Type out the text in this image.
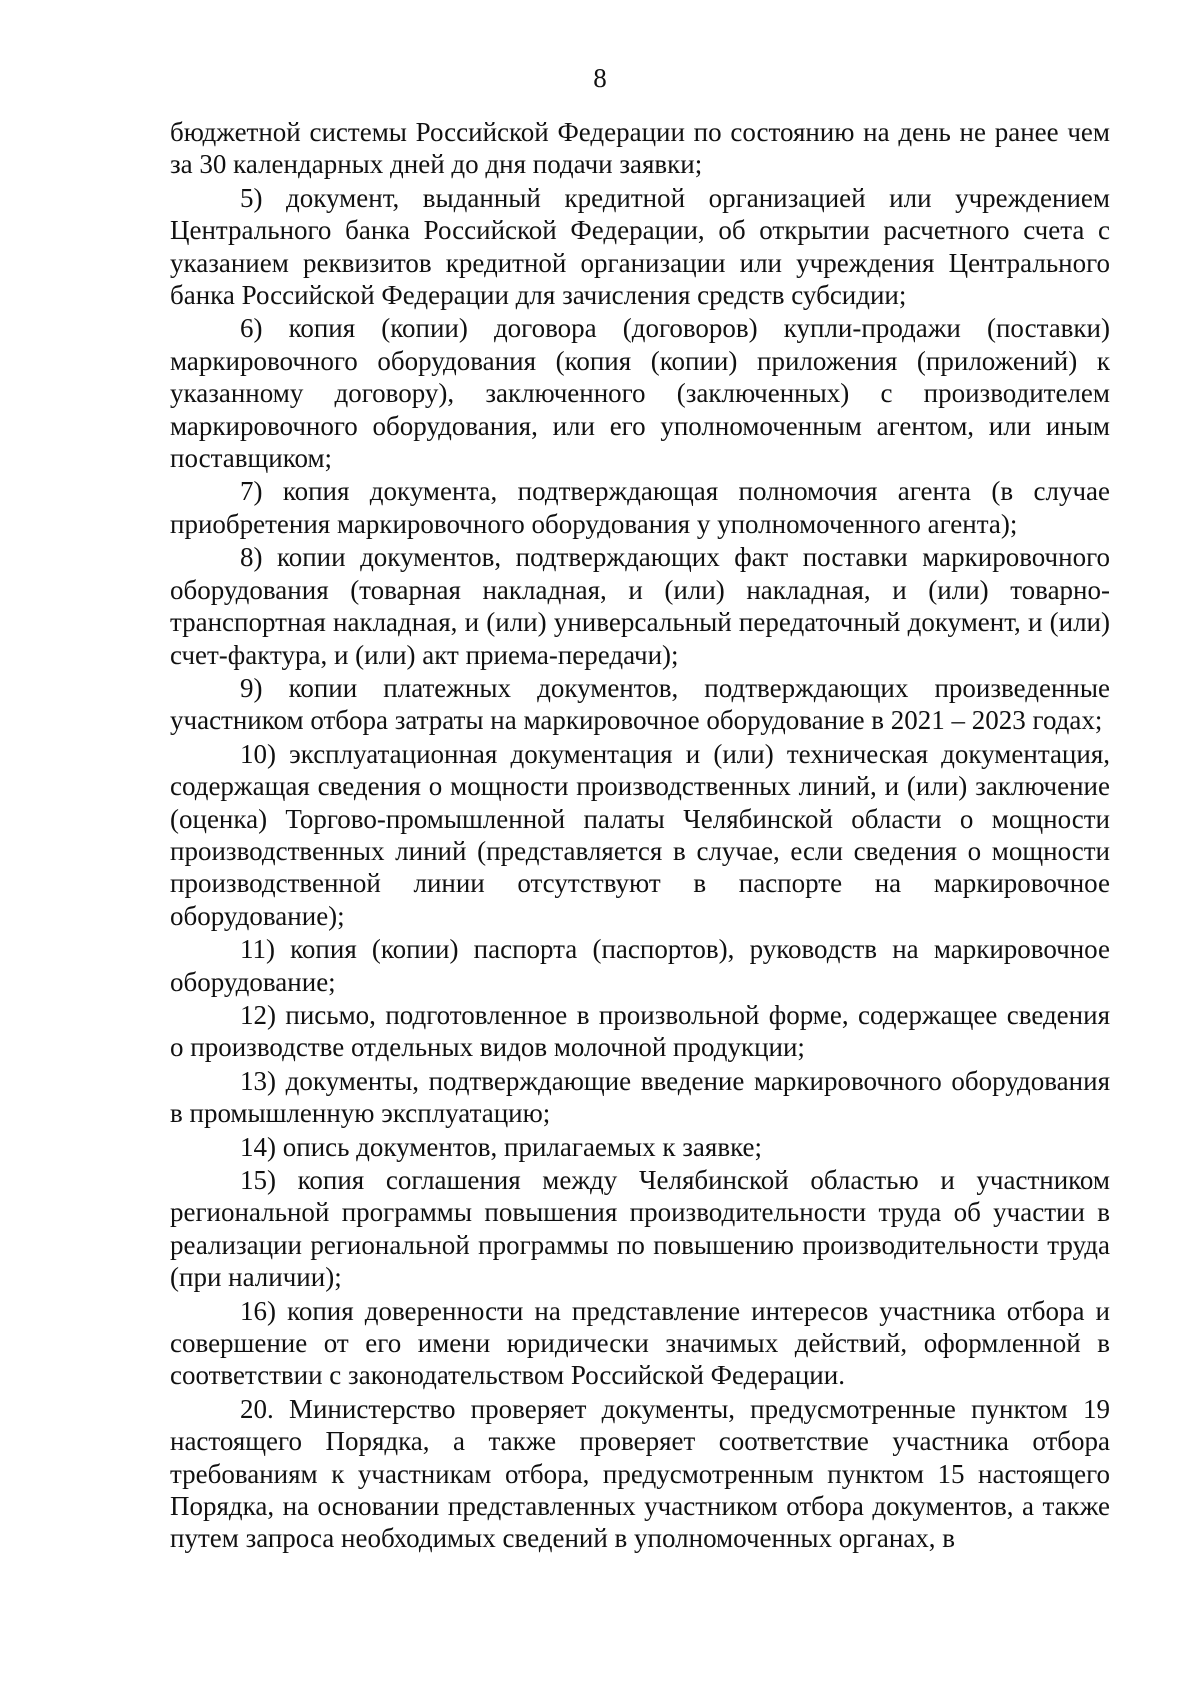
8

бюджетной системы Российской Федерации по состоянию на день не ранее чем за 30 календарных дней до дня подачи заявки;

5) документ, выданный кредитной организацией или учреждением Центрального банка Российской Федерации, об открытии расчетного счета с указанием реквизитов кредитной организации или учреждения Центрального банка Российской Федерации для зачисления средств субсидии;

6) копия (копии) договора (договоров) купли-продажи (поставки) маркировочного оборудования (копия (копии) приложения (приложений) к указанному договору), заключенного (заключенных) с производителем маркировочного оборудования, или его уполномоченным агентом, или иным поставщиком;

7) копия документа, подтверждающая полномочия агента (в случае приобретения маркировочного оборудования у уполномоченного агента);

8) копии документов, подтверждающих факт поставки маркировочного оборудования (товарная накладная, и (или) накладная, и (или) товарно-транспортная накладная, и (или) универсальный передаточный документ, и (или) счет-фактура, и (или) акт приема-передачи);

9) копии платежных документов, подтверждающих произведенные участником отбора затраты на маркировочное оборудование в 2021 – 2023 годах;

10) эксплуатационная документация и (или) техническая документация, содержащая сведения о мощности производственных линий, и (или) заключение (оценка) Торгово-промышленной палаты Челябинской области о мощности производственных линий (представляется в случае, если сведения о мощности производственной линии отсутствуют в паспорте на маркировочное оборудование);

11) копия (копии) паспорта (паспортов), руководств на маркировочное оборудование;

12) письмо, подготовленное в произвольной форме, содержащее сведения о производстве отдельных видов молочной продукции;

13) документы, подтверждающие введение маркировочного оборудования в промышленную эксплуатацию;

14) опись документов, прилагаемых к заявке;

15) копия соглашения между Челябинской областью и участником региональной программы повышения производительности труда об участии в реализации региональной программы по повышению производительности труда (при наличии);

16) копия доверенности на представление интересов участника отбора и совершение от его имени юридически значимых действий, оформленной в соответствии с законодательством Российской Федерации.

20. Министерство проверяет документы, предусмотренные пунктом 19 настоящего Порядка, а также проверяет соответствие участника отбора требованиям к участникам отбора, предусмотренным пунктом 15 настоящего Порядка, на основании представленных участником отбора документов, а также путем запроса необходимых сведений в уполномоченных органах, в
